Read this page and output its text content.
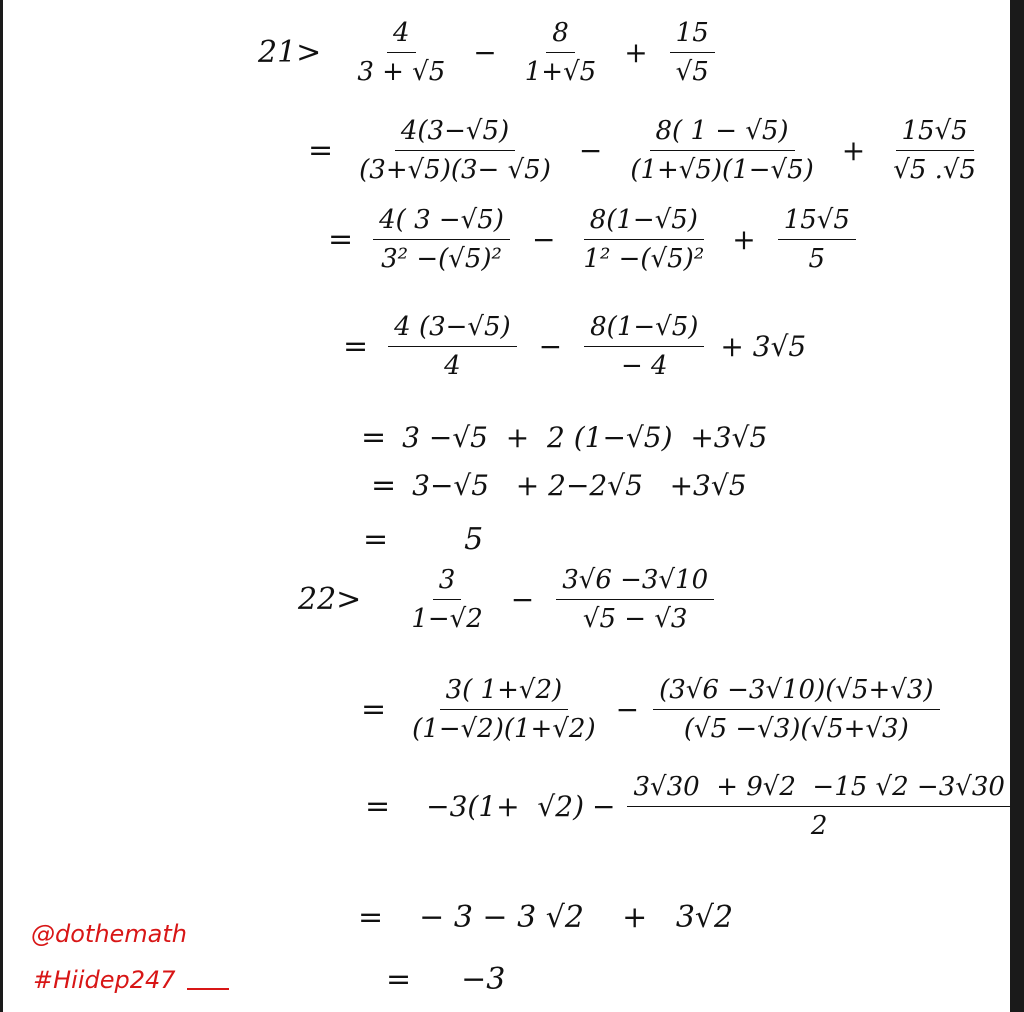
$21> \frac{4}{3 + √5} - \frac{8}{1+√5} + \frac{15}{√5}$
= $\frac{4(3-√5)}{(3+√5)(3- √5)} - \frac{8( 1 - √5)}{(1+√5)(1-√5)} + \frac{15√5}{√5 .√5}$
= $\frac{4( 3 -√5)}{\text{3² −(√5)²}} - \frac{8(1-√5)}{\text{1² −(√5)²}} + \frac{15√5}{5}$
= $\frac{4 (3-√5)}{4} - \frac{8(1-√5)}{- 4} + 3√5$
= 3 −√5  +  2 (1−√5)  +3√5
= 3−√5   + 2−2√5   +3√5
=	5
$22> \frac{3}{1-√2} - \frac{3√6 -3√10}{√5 - √3}$
= $\frac{3( 1+√2)}{(1-√2)(1+√2)} - \frac{(3√6 -3√10)(√5+√3)}{(√5 -√3)(√5+√3)}$
= $-3(1+ √2) - \frac{3√30 + 9√2 -15 √2 -3√30}{2}$
= − 3 − 3 √2    +   3√2
= −3
@dothemath
#Hiidep247
